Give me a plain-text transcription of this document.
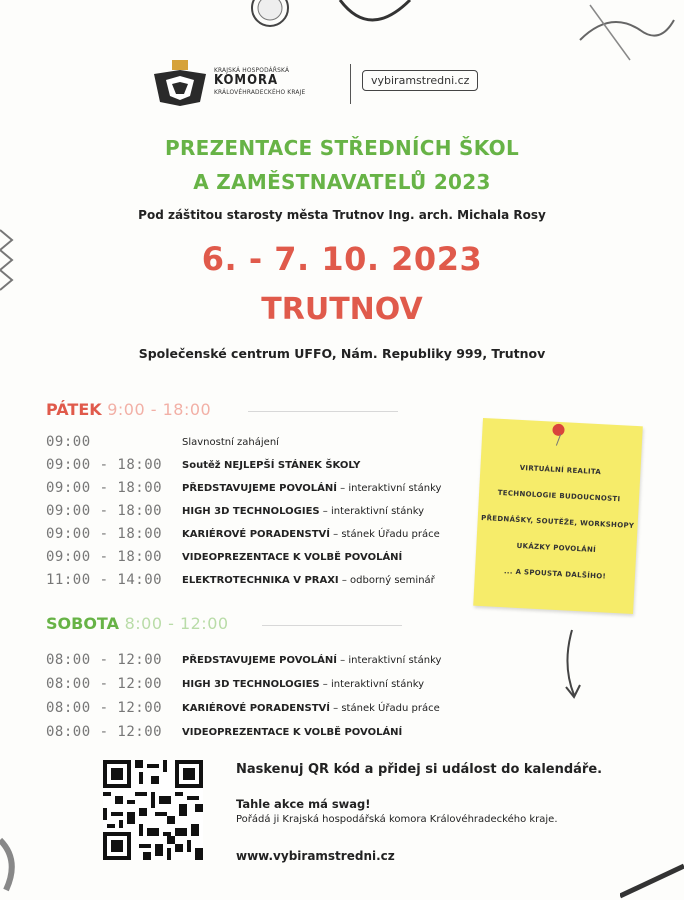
KRAJSKÁ HOSPODÁŘSKÁ
KOMORA
KRÁLOVÉHRADECKÉHO KRAJE
vybiramstredni.cz
PREZENTACE STŘEDNÍCH ŠKOL
A ZAMĚSTNAVATELŮ 2023
Pod záštitou starosty města Trutnov Ing. arch. Michala Rosy
6. - 7. 10. 2023
TRUTNOV
Společenské centrum UFFO, Nám. Republiky 999, Trutnov
PÁTEK 9:00 - 18:00
09:00	Slavnostní zahájení
09:00 - 18:00	Soutěž NEJLEPŠÍ STÁNEK ŠKOLY
09:00 - 18:00	PŘEDSTAVUJEME POVOLÁNÍ – interaktivní stánky
09:00 - 18:00	HIGH 3D TECHNOLOGIES – interaktivní stánky
09:00 - 18:00	KARIÉROVÉ PORADENSTVÍ – stánek Úřadu práce
09:00 - 18:00	VIDEOPREZENTACE K VOLBĚ POVOLÁNÍ
11:00 - 14:00	ELEKTROTECHNIKA V PRAXI – odborný seminář
SOBOTA 8:00 - 12:00
08:00 - 12:00	PŘEDSTAVUJEME POVOLÁNÍ – interaktivní stánky
08:00 - 12:00	HIGH 3D TECHNOLOGIES – interaktivní stánky
08:00 - 12:00	KARIÉROVÉ PORADENSTVÍ – stánek Úřadu práce
08:00 - 12:00	VIDEOPREZENTACE K VOLBĚ POVOLÁNÍ
VIRTUÁLNÍ REALITA
TECHNOLOGIE BUDOUCNOSTI
PŘEDNÁŠKY, SOUTĚŽE, WORKSHOPY
UKÁZKY POVOLÁNÍ
... A SPOUSTA DALŠÍHO!
Naskenuj QR kód a přidej si událost do kalendáře.
Tahle akce má swag!
Pořádá ji Krajská hospodářská komora Královéhradeckého kraje.
www.vybiramstredni.cz
